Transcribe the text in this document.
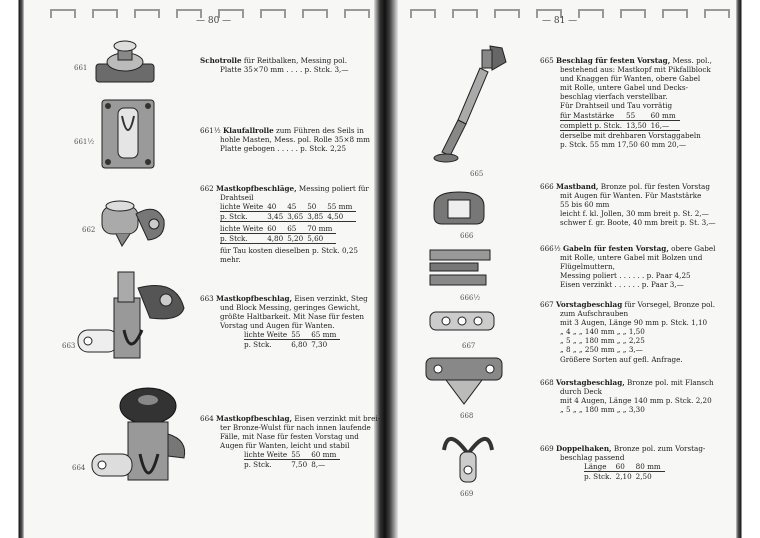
— 80 —	— 81 —
661
Schotrolle für Reitbalken, Messing pol.
Platte 35×70 mm . . . . p. Stck. 3,—
661½
661½ Klaufallrolle zum Führen des Seils in
hohle Masten, Mess. pol. Rolle 35×8 mm
Platte gebogen . . . . . p. Stck. 2,25
662
662 Mastkopfbeschläge, Messing poliert für
Drahtseil
lichte Weite	40	45	50	55 mm
p. Stck.	3,45	3,65	3,85	4,50
lichte Weite	60	65	70 mm
p. Stck.	4,80	5,20	5,60
für Tau kosten dieselben p. Stck. 0,25 mehr.
663
663 Mastkopfbeschlag, Eisen verzinkt, Steg
und Block Messing, geringes Gewicht,
größte Haltbarkeit. Mit Nase für festen
Vorstag und Augen für Wanten.
lichte Weite	55	65 mm
p. Stck.	6,80	7,30
664
664 Mastkopfbeschlag, Eisen verzinkt mit brei-
ter Bronze-Wulst für nach innen laufende
Fälle, mit Nase für festen Vorstag und
Augen für Wanten, leicht und stabil
lichte Weite	55	60 mm
p. Stck.	7,50	8,—
665
666
666½
667
668
669
665 Beschlag für festen Vorstag, Mess. pol.,
bestehend aus: Mastkopf mit Pikfallblock
und Knaggen für Wanten, obere Gabel
mit Rolle, untere Gabel und Decks-
beschlag vierfach verstellbar.
Für Drahtseil und Tau vorrätig
für Maststärke	55	60 mm
complett p. Stck.	13,50	16,—
derselbe mit drehbaren Vorstaggabeln
p. Stck. 55 mm 17,50 60 mm 20,—
666 Mastband, Bronze pol. für festen Vorstag
mit Augen für Wanten. Für Maststärke
55 bis 60 mm
leicht f. kl. Jollen, 30 mm breit p. St. 2,—
schwer f. gr. Boote, 40 mm breit p. St. 3,—
666½ Gabeln für festen Vorstag, obere Gabel
mit Rolle, untere Gabel mit Bolzen und
Flügelmuttern,
Messing poliert . . . . . . p. Paar 4,25
Eisen verzinkt . . . . . . p. Paar 3,—
667 Vorstagbeschlag für Vorsegel, Bronze pol.
zum Aufschrauben
mit 3 Augen, Länge 90 mm p. Stck. 1,10
„ 4 „ „ 140 mm „ „ 1,50
„ 5 „ „ 180 mm „ „ 2,25
„ 8 „ „ 250 mm „ „ 3,—
Größere Sorten auf gefl. Anfrage.
668 Vorstagbeschlag, Bronze pol. mit Flansch
durch Deck
mit 4 Augen, Länge 140 mm p. Stck. 2,20
„ 5 „ „ 180 mm „ „ 3,30
669 Doppelhaken, Bronze pol. zum Vorstag-
beschlag passend
Länge	60	80 mm
p. Stck.	2,10	2,50
